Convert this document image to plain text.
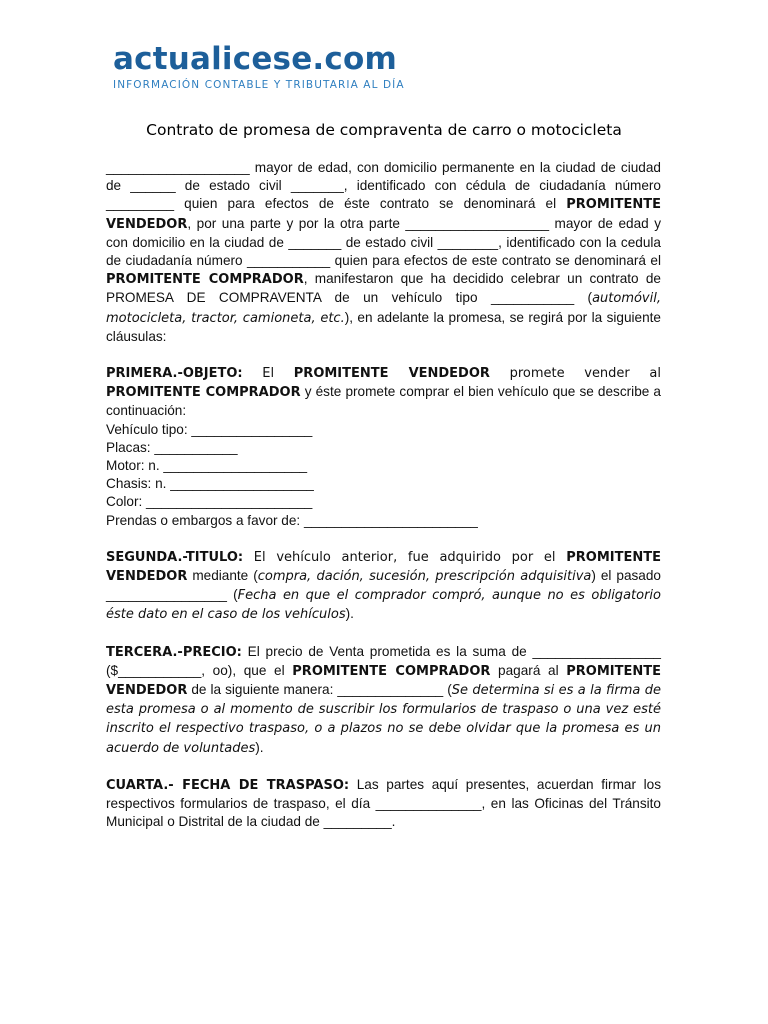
actualicese.com
INFORMACIÓN CONTABLE Y TRIBUTARIA AL DÍA
Contrato de promesa de compraventa de carro o motocicleta

___________________ mayor de edad, con domicilio permanente en la ciudad de ciudad de ______ de estado civil _______, identificado con cédula de ciudadanía número _________ quien para efectos de éste contrato se denominará el PROMITENTE VENDEDOR, por una parte y por la otra parte ___________________ mayor de edad y con domicilio en la ciudad de _______ de estado civil ________, identificado con la cedula de ciudadanía número ___________ quien para efectos de este contrato se denominará el PROMITENTE COMPRADOR, manifestaron que ha decidido celebrar un contrato de PROMESA DE COMPRAVENTA de un vehículo tipo ___________ (automóvil, motocicleta, tractor, camioneta, etc.), en adelante la promesa, se regirá por la siguiente cláusulas:

PRIMERA.-OBJETO: El PROMITENTE VENDEDOR promete vender al PROMITENTE COMPRADOR y éste promete comprar el bien vehículo que se describe a continuación:

Vehículo tipo: ________________
Placas: ___________
Motor: n. ___________________
Chasis: n. ___________________
Color: ______________________
Prendas o embargos a favor de: _______________________

SEGUNDA.-TITULO: El vehículo anterior, fue adquirido por el PROMITENTE VENDEDOR mediante (compra, dación, sucesión, prescripción adquisitiva) el pasado ________________ (Fecha en que el comprador compró, aunque no es obligatorio éste dato en el caso de los vehículos).

TERCERA.-PRECIO: El precio de Venta prometida es la suma de _________________ ($___________, oo), que el PROMITENTE COMPRADOR pagará al PROMITENTE VENDEDOR de la siguiente manera: ______________ (Se determina si es a la firma de esta promesa o al momento de suscribir los formularios de traspaso o una vez esté inscrito el respectivo traspaso, o a plazos no se debe olvidar que la promesa es un acuerdo de voluntades).

CUARTA.- FECHA DE TRASPASO: Las partes aquí presentes, acuerdan firmar los respectivos formularios de traspaso, el día ______________, en las Oficinas del Tránsito Municipal o Distrital de la ciudad de _________.
